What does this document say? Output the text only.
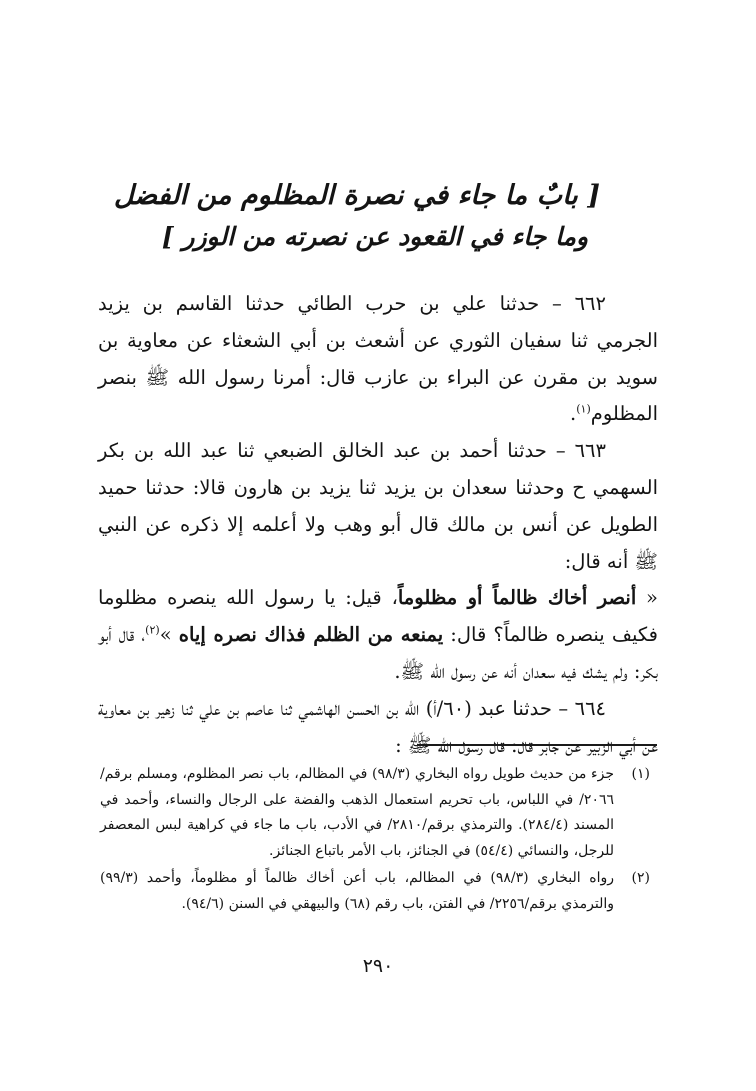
[ بابٌ ما جاء في نصرة المظلوم من الفضل
وما جاء في القعود عن نصرته من الوزر ]

٦٦٢ – حدثنا علي بن حرب الطائي حدثنا القاسم بن يزيد الجرمي ثنا سفيان الثوري عن أشعث بن أبي الشعثاء عن معاوية بن سويد بن مقرن عن البراء بن عازب قال: أمرنا رسول الله ﷺ بنصر المظلوم$^{(١)}$.

٦٦٣ – حدثنا أحمد بن عبد الخالق الضبعي ثنا عبد الله بن بكر السهمي ح وحدثنا سعدان بن يزيد ثنا يزيد بن هارون قالا: حدثنا حميد الطويل عن أنس بن مالك قال أبو وهب ولا أعلمه إلا ذكره عن النبي ﷺ أنه قال:

« أنصر أخاك ظالماً أو مظلوماً، قيل: يا رسول الله ينصره مظلوما فكيف ينصره ظالماً؟ قال: يمنعه من الظلم فذاك نصره إياه »$^{(٢)}$، قال أبو بكر: ولم يشك فيه سعدان أنه عن رسول الله ﷺ.

٦٦٤ – حدثنا عبد (٦٠/أ) الله بن الحسن الهاشمي ثنا عاصم بن علي ثنا زهير بن معاوية عن أبي الزبير عن جابر قال: قال رسول الله ﷺ :

(١)
جزء من حديث طويل رواه البخاري (٩٨/٣) في المظالم، باب نصر المظلوم، ومسلم برقم/٢٠٦٦/ في اللباس، باب تحريم استعمال الذهب والفضة على الرجال والنساء، وأحمد في المسند (٢٨٤/٤). والترمذي برقم/٢٨١٠/ في الأدب، باب ما جاء في كراهية لبس المعصفر للرجل، والنسائي (٥٤/٤) في الجنائز، باب الأمر باتباع الجنائز.
(٢)
رواه البخاري (٩٨/٣) في المظالم، باب أعن أخاك ظالماً أو مظلوماً، وأحمد (٩٩/٣) والترمذي برقم/٢٢٥٦/ في الفتن، باب رقم (٦٨) والبيهقي في السنن (٩٤/٦).
٢٩٠
